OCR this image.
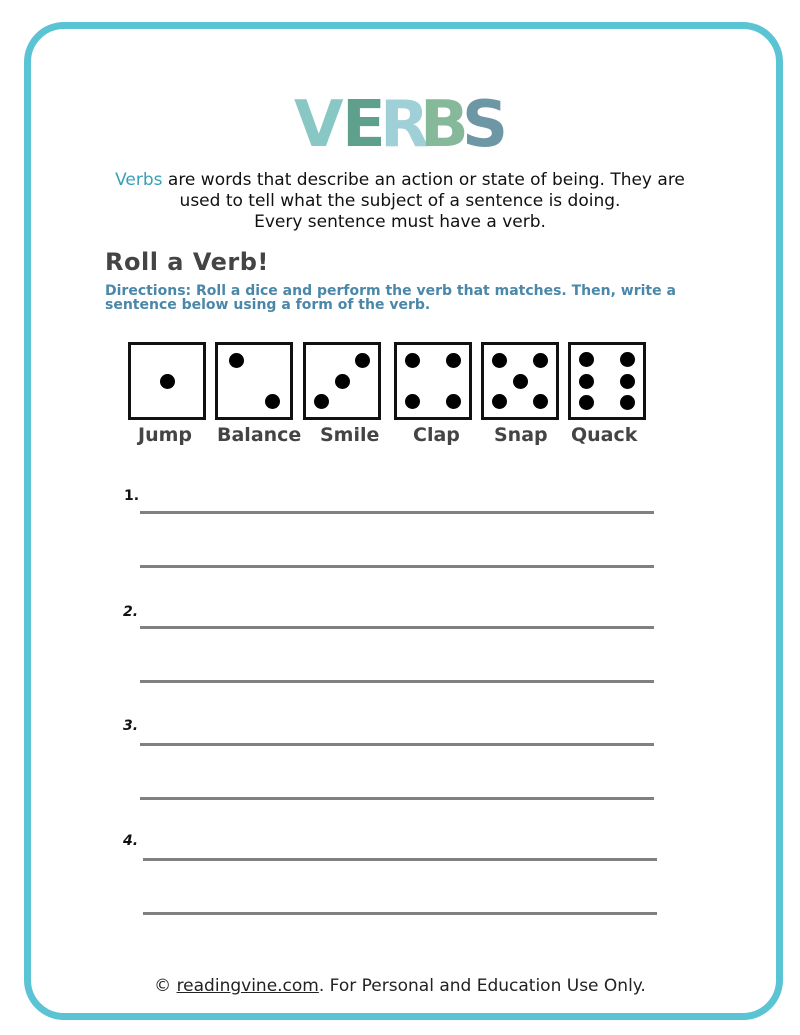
V
E
R
B
S
Verbs are words that describe an action or state of being. They are
used to tell what the subject of a sentence is doing.
Every sentence must have a verb.
Roll a Verb!
Directions: Roll a dice and perform the verb that matches. Then, write a
sentence below using a form of the verb.
Jump Balance Smile Clap Snap Quack
1.
2.
3.
4.
© readingvine.com. For Personal and Education Use Only.
